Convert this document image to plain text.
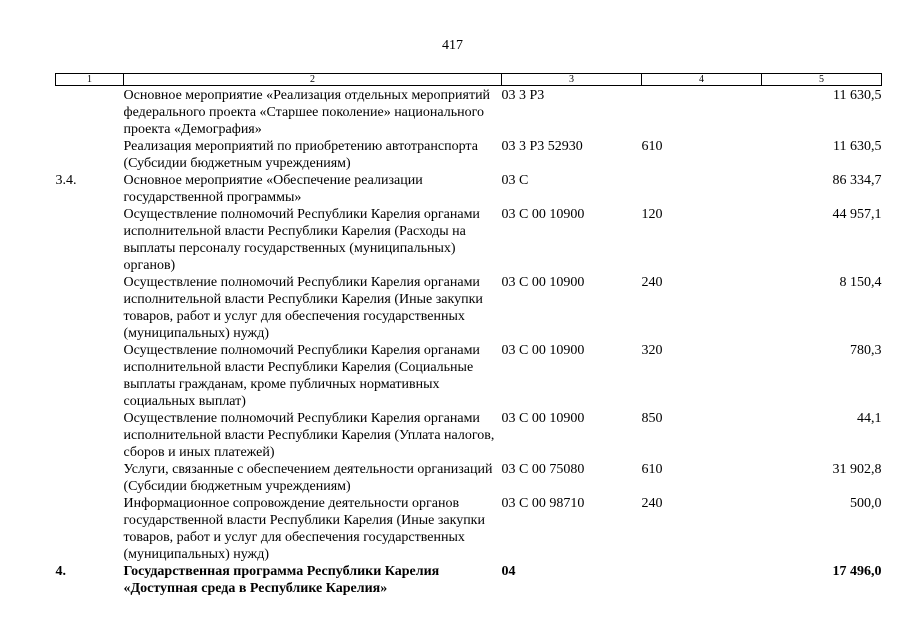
417
1	2	3	4	5
	Основное мероприятие «Реализация отдельных мероприятий федерального проекта «Старшее поколение» национального проекта «Демография»	03 3 P3		11 630,5
	Реализация мероприятий по приобретению автотранспорта (Субсидии бюджетным учреждениям)	03 3 P3 52930	610	11 630,5
3.4.	Основное мероприятие «Обеспечение реализации государственной программы»	03 С		86 334,7
	Осуществление полномочий Республики Карелия органами исполнительной власти Республики Карелия (Расходы на выплаты персоналу государственных (муниципальных) органов)	03 С 00 10900	120	44 957,1
	Осуществление полномочий Республики Карелия органами исполнительной власти Республики Карелия (Иные закупки товаров, работ и услуг для обеспечения государственных (муниципальных) нужд)	03 С 00 10900	240	8 150,4
	Осуществление полномочий Республики Карелия органами исполнительной власти Республики Карелия (Социальные выплаты гражданам, кроме публичных нормативных социальных выплат)	03 С 00 10900	320	780,3
	Осуществление полномочий Республики Карелия органами исполнительной власти Республики Карелия (Уплата налогов, сборов и иных платежей)	03 С 00 10900	850	44,1
	Услуги, связанные с обеспечением деятельности организаций (Субсидии бюджетным учреждениям)	03 С 00 75080	610	31 902,8
	Информационное сопровождение деятельности органов государственной власти Республики Карелия (Иные закупки товаров, работ и услуг для обеспечения государственных (муниципальных) нужд)	03 С 00 98710	240	500,0
4.	Государственная программа Республики Карелия «Доступная среда в Республике Карелия»	04		17 496,0
